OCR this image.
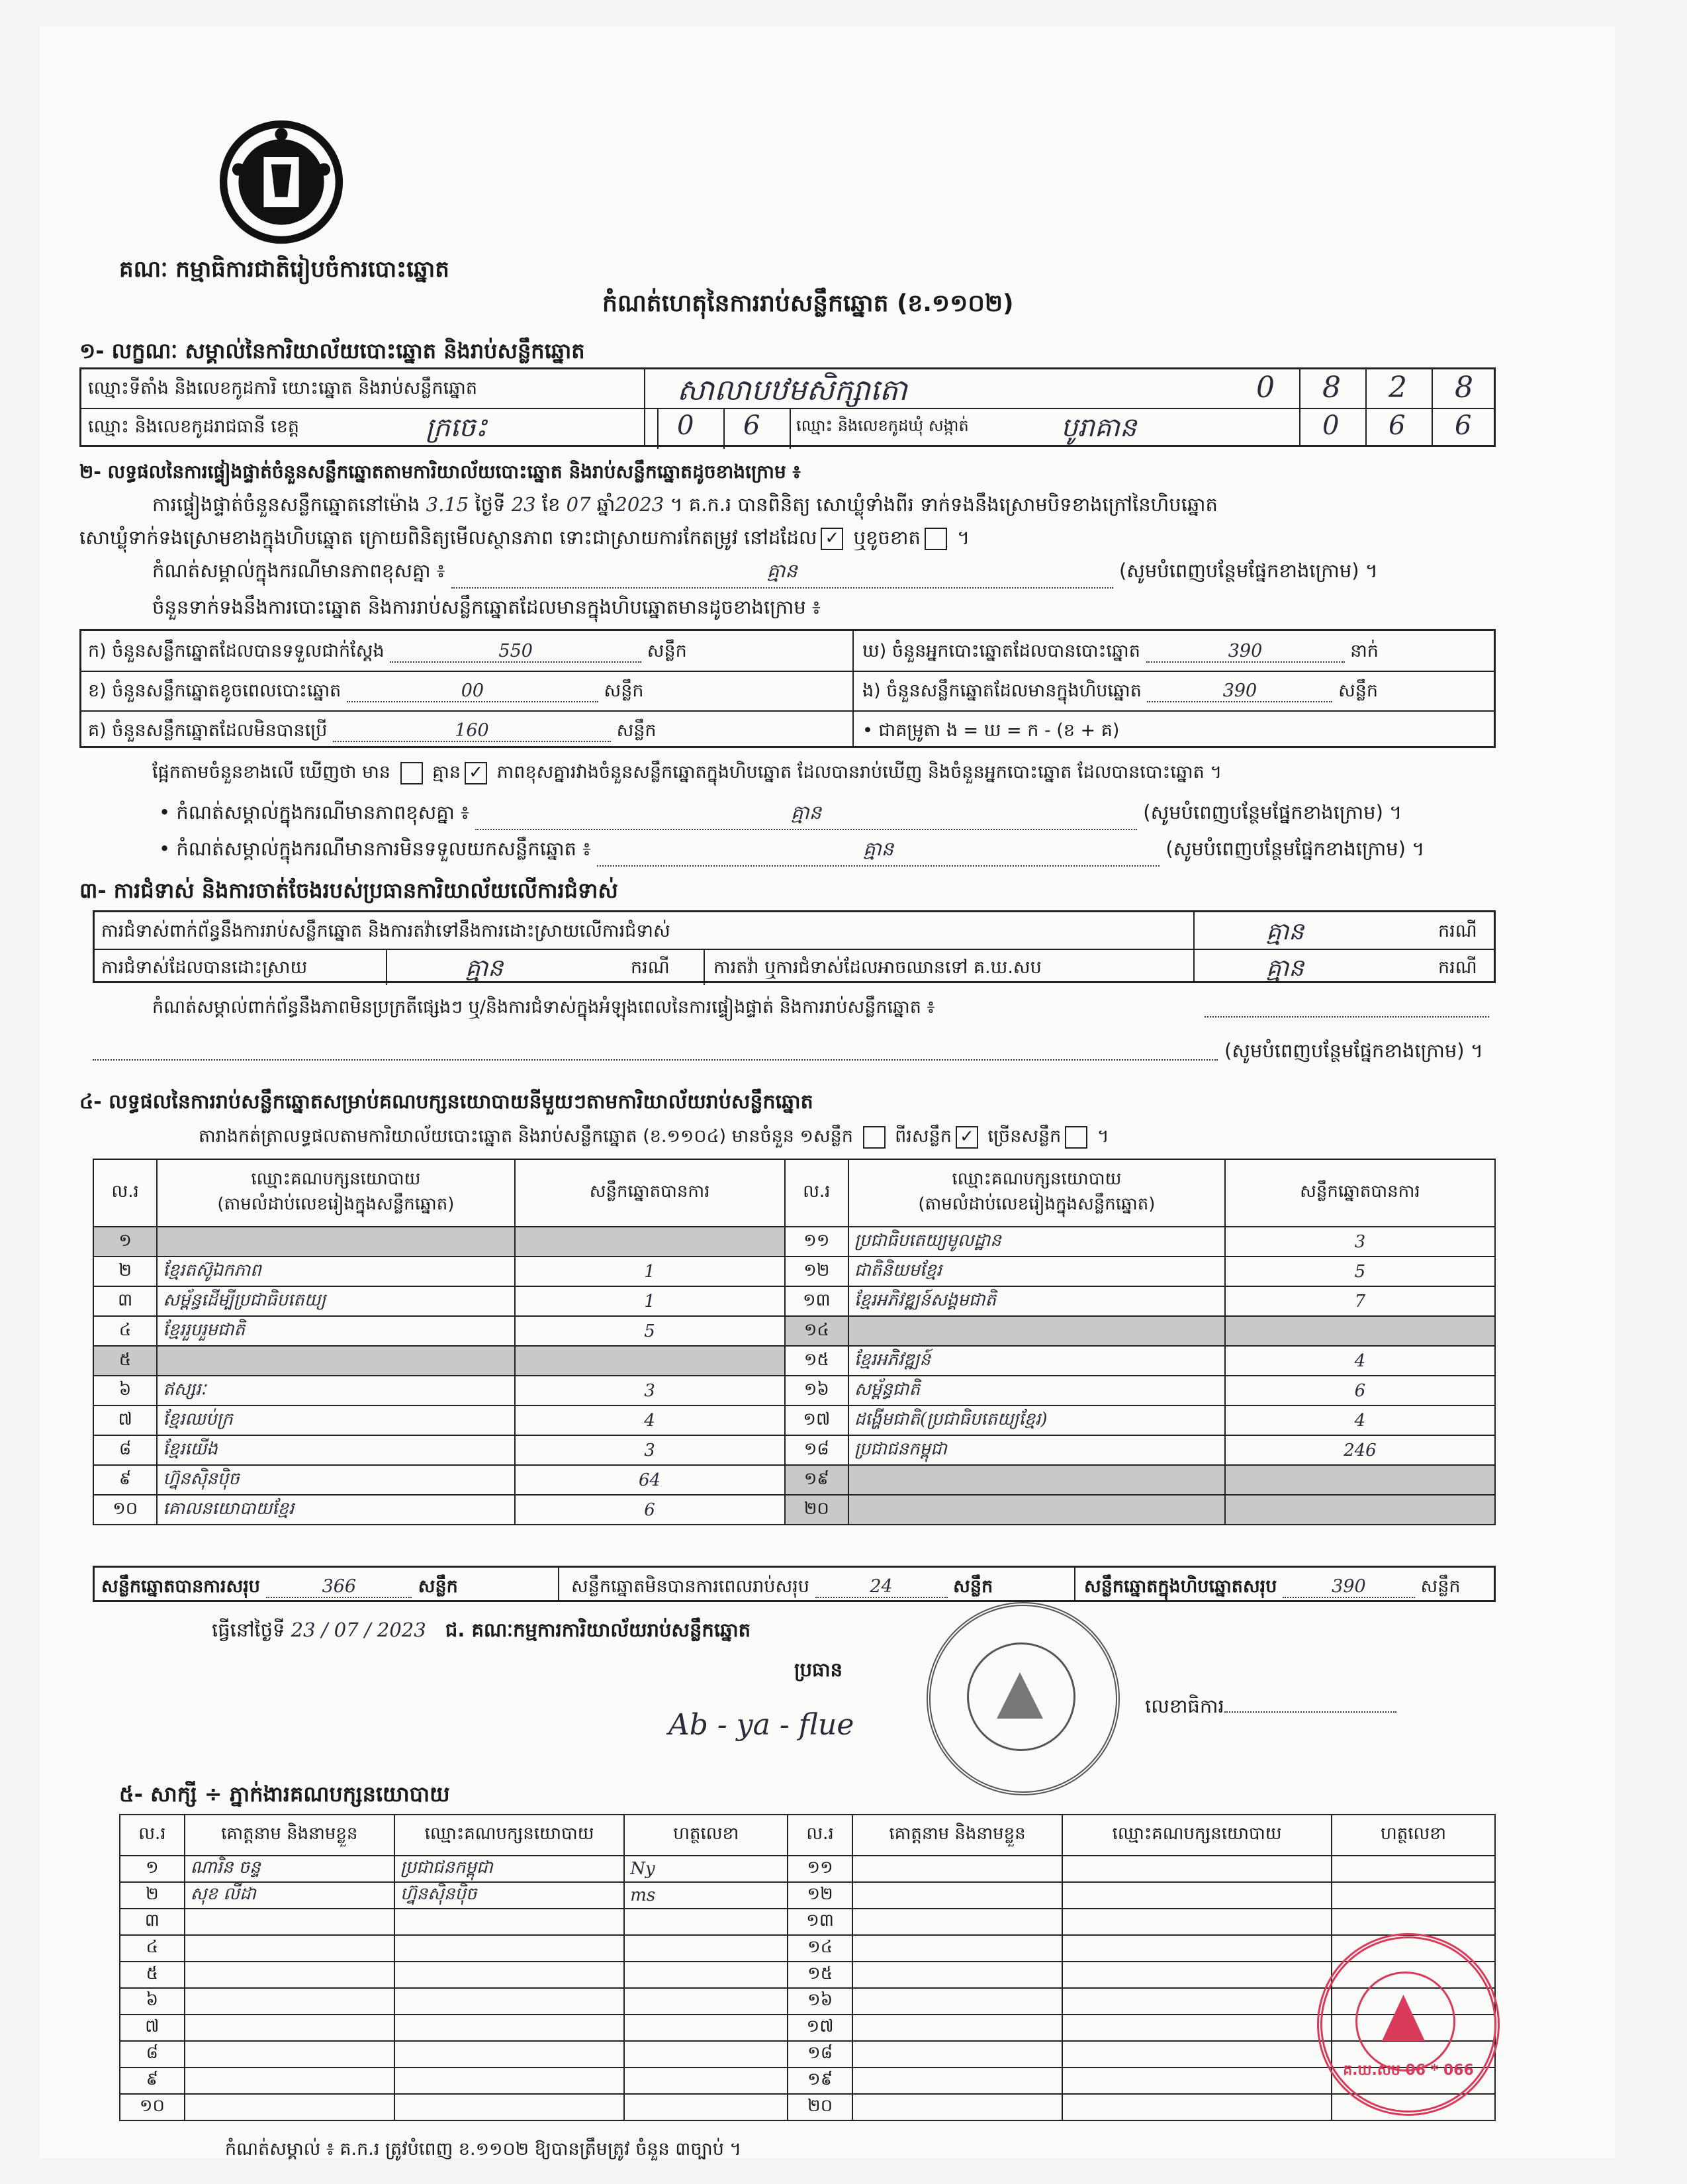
គណៈ កម្មាធិការជាតិរៀបចំការបោះឆ្នោត
កំណត់ហេតុនៃការរាប់សន្លឹកឆ្នោត (ខ.១១០២)
១- លក្ខណៈ សម្គាល់នៃការិយាល័យបោះឆ្នោត និងរាប់សន្លឹកឆ្នោត
ឈ្មោះទីតាំង និងលេខកូដការិ យោះឆ្នោត និងរាប់សន្លឹកឆ្នោត	សាលាបឋមសិក្សាតោ	0 8 2 8
ឈ្មោះ និងលេខកូដរាជធានី ខេត្ត	ក្រចេះ	0 6 ឈ្មោះ និងលេខកូដឃុំ សង្កាត់	បូរាគាន	0 6 6
២- លទ្ធផលនៃការផ្ទៀងផ្ទាត់ចំនួនសន្លឹកឆ្នោតតាមការិយាល័យបោះឆ្នោត និងរាប់សន្លឹកឆ្នោតដូចខាងក្រោម ៖
ការផ្ទៀងផ្ទាត់ចំនួនសន្លឹកឆ្នោតនៅម៉ោង 3.15 ថ្ងៃទី 23 ខែ 07 ឆ្នាំ2023 ។ គ.ក.រ បានពិនិត្យ សោឃ្លុំទាំងពីរ ទាក់ទងនឹងស្រោមបិទខាងក្រៅនៃហិបឆ្នោត
សោឃ្លុំទាក់ទងស្រោមខាងក្នុងហិបឆ្នោត ក្រោយពិនិត្យមើលស្ថានភាព ទោះជាស្រាយការកែតម្រូវ នៅដដែល ✓ ឬខូចខាត ។
កំណត់សម្គាល់ក្នុងករណីមានភាពខុសគ្នា ៖	គ្មាន	(សូមបំពេញបន្ថែមផ្នែកខាងក្រោម) ។
ចំនួនទាក់ទងនឹងការបោះឆ្នោត និងការរាប់សន្លឹកឆ្នោតដែលមានក្នុងហិបឆ្នោតមានដូចខាងក្រោម ៖
ក) ចំនួនសន្លឹកឆ្នោតដែលបានទទួលជាក់ស្តែង	550	សន្លឹក
ខ) ចំនួនសន្លឹកឆ្នោតខូចពេលបោះឆ្នោត	00	សន្លឹក
គ) ចំនួនសន្លឹកឆ្នោតដែលមិនបានប្រើ	160	សន្លឹក
ឃ) ចំនួនអ្នកបោះឆ្នោតដែលបានបោះឆ្នោត	390	នាក់
ង) ចំនួនសន្លឹកឆ្នោតដែលមានក្នុងហិបឆ្នោត	390	សន្លឹក
• ជាគម្រូតា ង = ឃ = ក - (ខ + គ)
ផ្អែកតាមចំនួនខាងលើ ឃើញថា មាន គ្មាន ✓ ភាពខុសគ្នារវាងចំនួនសន្លឹកឆ្នោតក្នុងហិបឆ្នោត ដែលបានរាប់ឃើញ និងចំនួនអ្នកបោះឆ្នោត ដែលបានបោះឆ្នោត ។
• កំណត់សម្គាល់ក្នុងករណីមានភាពខុសគ្នា ៖	គ្មាន	(សូមបំពេញបន្ថែមផ្នែកខាងក្រោម) ។
• កំណត់សម្គាល់ក្នុងករណីមានការមិនទទួលយកសន្លឹកឆ្នោត ៖	គ្មាន	(សូមបំពេញបន្ថែមផ្នែកខាងក្រោម) ។
៣- ការជំទាស់ និងការចាត់ចែងរបស់ប្រធានការិយាល័យលើការជំទាស់
ការជំទាស់ពាក់ព័ន្ធនឹងការរាប់សន្លឹកឆ្នោត និងការតវ៉ាទៅនឹងការដោះស្រាយលើការជំទាស់	គ្មាន	ករណី
ការជំទាស់ដែលបានដោះស្រាយ	គ្មាន	ករណី ការតវ៉ា ឬការជំទាស់ដែលអាចឈានទៅ គ.ឃ.សប	គ្មាន	ករណី
កំណត់សម្គាល់ពាក់ព័ន្ធនឹងភាពមិនប្រក្រតីផ្សេងៗ ឬ/និងការជំទាស់ក្នុងអំឡុងពេលនៃការផ្ទៀងផ្ទាត់ និងការរាប់សន្លឹកឆ្នោត ៖
(សូមបំពេញបន្ថែមផ្នែកខាងក្រោម) ។
៤- លទ្ធផលនៃការរាប់សន្លឹកឆ្នោតសម្រាប់គណបក្សនយោបាយនីមួយៗតាមការិយាល័យរាប់សន្លឹកឆ្នោត
តារាងកត់ត្រាលទ្ធផលតាមការិយាល័យបោះឆ្នោត និងរាប់សន្លឹកឆ្នោត (ខ.១១០៤) មានចំនួន ១សន្លឹក ពីរសន្លឹក ✓ ច្រើនសន្លឹក ។
ល.រ	ឈ្មោះគណបក្សនយោបាយ
(តាមលំដាប់លេខរៀងក្នុងសន្លឹកឆ្នោត)	សន្លឹកឆ្នោតបានការ	ល.រ	ឈ្មោះគណបក្សនយោបាយ
(តាមលំដាប់លេខរៀងក្នុងសន្លឹកឆ្នោត)	សន្លឹកឆ្នោតបានការ
១			១១	ប្រជាធិបតេយ្យមូលដ្ឋាន	3
២	ខ្មែរតស៊ូឯកភាព	1	១២	ជាតិនិយមខ្មែរ	5
៣	សម្ព័ន្ធដើម្បីប្រជាធិបតេយ្យ	1	១៣	ខ្មែរអភិវឌ្ឍន៍សង្គមជាតិ	7
៤	ខ្មែររួបរួមជាតិ	5	១៤		
៥			១៥	ខ្មែរអភិវឌ្ឍន៍	4
៦	ឥស្សរៈ	3	១៦	សម្ព័ន្ធជាតិ	6
៧	ខ្មែរឈប់ក្រ	4	១៧	ដង្ហើមជាតិ(ប្រជាធិបតេយ្យខ្មែរ)	4
៨	ខ្មែរយើង	3	១៨	ប្រជាជនកម្ពុជា	246
៩	ហ្វ៊ុនស៊ិនប៉ិច	64	១៩		
១០	គោលនយោបាយខ្មែរ	6	២០		
សន្លឹកឆ្នោតបានការសរុប	366	សន្លឹក	សន្លឹកឆ្នោតមិនបានការពេលរាប់សរុប	24	សន្លឹក	សន្លឹកឆ្នោតក្នុងហិបឆ្នោតសរុប	390	សន្លឹក
ធ្វើនៅថ្ងៃទី 23 / 07 / 2023 ជ. គណៈកម្មការការិយាល័យរាប់សន្លឹកឆ្នោត
ប្រធាន
Ab - ya - flue
លេខាធិការ
៥- សាក្សី ÷ ភ្នាក់ងារគណបក្សនយោបាយ
ល.រ	គោត្តនាម និងនាមខ្លួន	ឈ្មោះគណបក្សនយោបាយ	ហត្ថលេខា	ល.រ	គោត្តនាម និងនាមខ្លួន	ឈ្មោះគណបក្សនយោបាយ	ហត្ថលេខា
១	ណារិន ចន្ទ	ប្រជាជនកម្ពុជា	Ny	១១			
២	សុខ លីដា	ហ្វ៊ុនស៊ិនប៉ិច	ms	១២			
៣				១៣			
៤				១៤			
៥				១៥			
៦				១៦			
៧				១៧			
៨				១៨			
៩				១៩			
១០				២០			
កំណត់សម្គាល់ ៖ គ.ក.រ ត្រូវបំពេញ ខ.១១០២ ឱ្យបានត្រឹមត្រូវ ចំនួន ៣ច្បាប់ ។
គ.ឃ.សប 06 * 066
